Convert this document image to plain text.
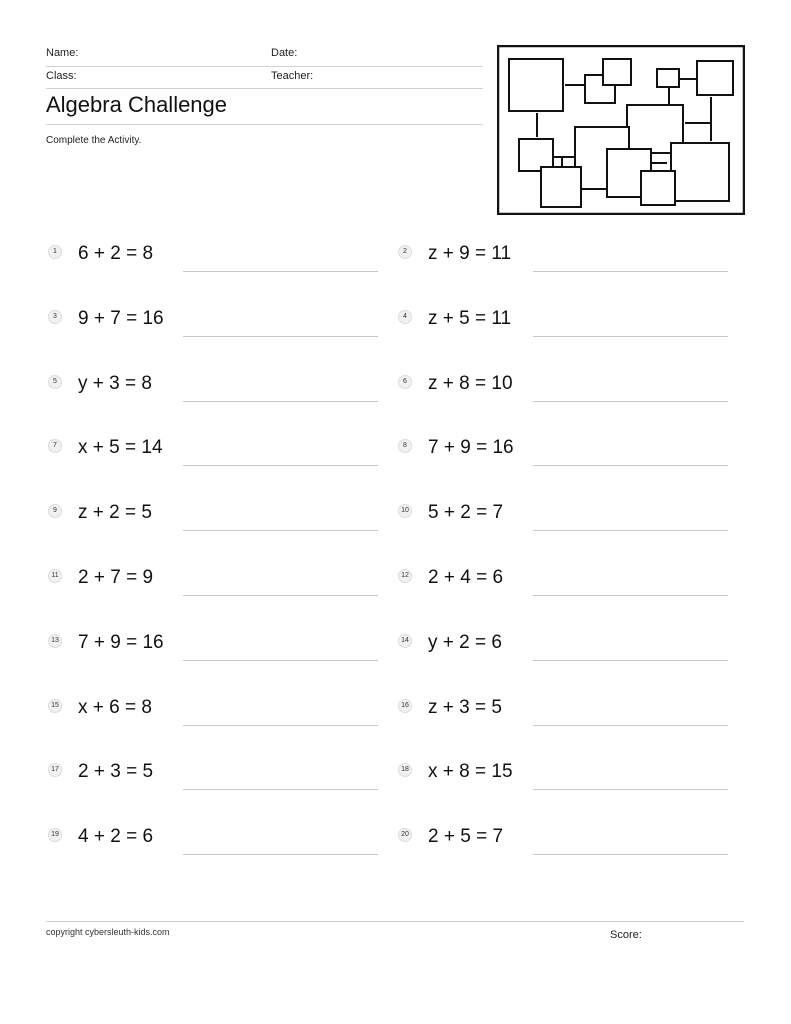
Name:	Date:
Class:	Teacher:
Algebra Challenge
Complete the Activity.
1 6 + 2 = 8	2 z + 9 = 11
3 9 + 7 = 16	4 z + 5 = 11
5 y + 3 = 8	6 z + 8 = 10
7 x + 5 = 14	8 7 + 9 = 16
9 z + 2 = 5	10 5 + 2 = 7
11 2 + 7 = 9	12 2 + 4 = 6
13 7 + 9 = 16	14 y + 2 = 6
15 x + 6 = 8	16 z + 3 = 5
17 2 + 3 = 5	18 x + 8 = 15
19 4 + 2 = 6	20 2 + 5 = 7
copyright cybersleuth-kids.com	Score:
